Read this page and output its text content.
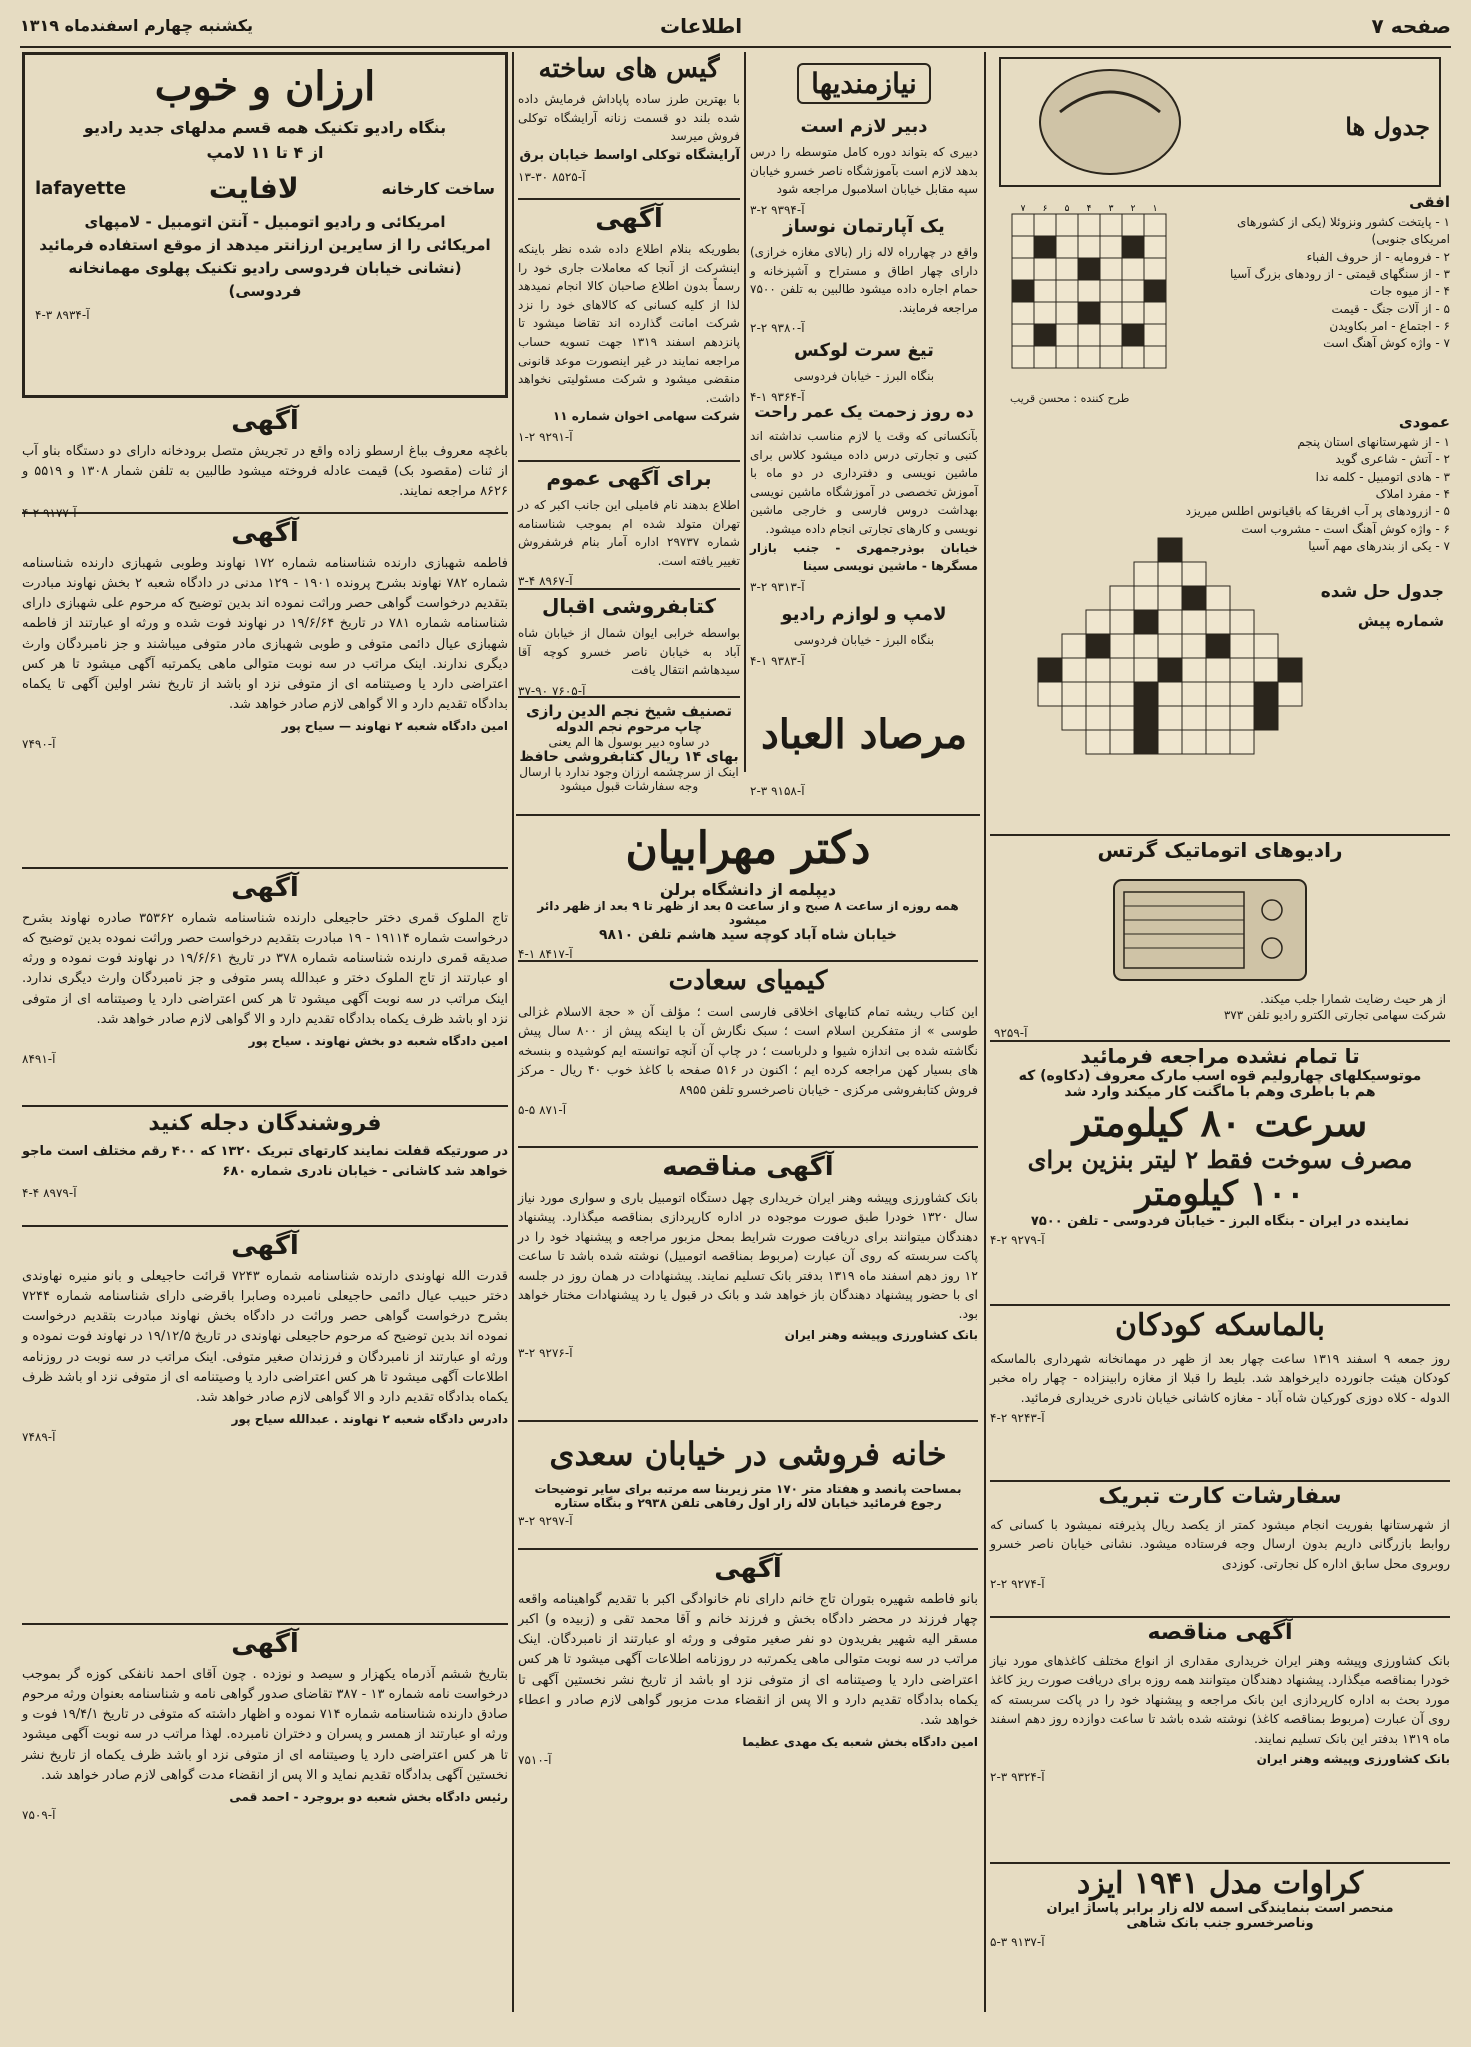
صفحه ۷
اطلاعات
یکشنبه چهارم اسفندماه ۱۳۱۹
ارزان و خوب
بنگاه رادیو تکنیک همه قسم مدلهای جدید رادیو
از ۴ تا ۱۱ لامپ
ساخت کارخانه
لافایت
lafayette
امریکائی و رادیو اتومبیل - آنتن اتومبیل - لامپهای
امریکائی را از سایرین ارزانتر میدهد از موقع استفاده فرمائید
(نشانی خیابان فردوسی رادیو تکنیک پهلوی مهمانخانه فردوسی)
آ-۸۹۳۴ ۳-۴
آگهی
باغچه معروف بباغ ارسطو زاده واقع در تجریش متصل برودخانه دارای دو دستگاه بناو آب از ثنات (مقصود بک) قیمت عادله فروخته میشود طالبین به تلفن شمار ۱۳۰۸ و ۵۵۱۹ و ۸۶۲۶ مراجعه نمایند.
آ-۹۱۷۷ ۲-۴
آگهی
فاطمه شهبازی دارنده شناسنامه شماره ۱۷۲ نهاوند وطوبی شهبازی دارنده شناسنامه شماره ۷۸۲ نهاوند بشرح پرونده ۱۹۰۱ - ۱۲۹ مدنی در دادگاه شعبه ۲ بخش نهاوند مبادرت بتقدیم درخواست گواهی حصر وراثت نموده اند بدین توضیح که مرحوم علی شهبازی دارای شناسنامه شماره ۷۸۱ در تاریخ ۱۹/۶/۶۴ در نهاوند فوت شده و ورثه او عبارتند از فاطمه شهبازی عیال دائمی متوفی و طوبی شهبازی مادر متوفی میباشند و جز نامبردگان وارث دیگری ندارند. اینک مراتب در سه نوبت متوالی ماهی یکمرتبه آگهی میشود تا هر کس اعتراضی دارد یا وصیتنامه ای از متوفی نزد او باشد از تاریخ نشر اولین آگهی تا یکماه بدادگاه تقدیم دارد و الا گواهی لازم صادر خواهد شد.
امین دادگاه شعبه ۲ نهاوند — سیاح پور
آ-۷۴۹۰
آگهی
تاج الملوک قمری دختر حاجیعلی دارنده شناسنامه شماره ۳۵۳۶۲ صادره نهاوند بشرح درخواست شماره ۱۹۱۱۴ - ۱۹ مبادرت بتقدیم درخواست حصر وراثت نموده بدین توضیح که صدیقه قمری دارنده شناسنامه شماره ۳۷۸ در تاریخ ۱۹/۶/۶۱ در نهاوند فوت نموده و ورثه او عبارتند از تاج الملوک دختر و عبدالله پسر متوفی و جز نامبردگان وارث دیگری ندارد. اینک مراتب در سه نوبت آگهی میشود تا هر کس اعتراضی دارد یا وصیتنامه ای از متوفی نزد او باشد ظرف یکماه بدادگاه تقدیم دارد و الا گواهی لازم صادر خواهد شد.
امین دادگاه شعبه دو بخش نهاوند . سیاح پور
آ-۸۴۹۱
فروشندگان دجله کنید
در صورتیکه قفلت نمایند کارتهای تبریک ۱۳۲۰ که ۴۰۰ رقم مختلف است ماجو خواهد شد کاشانی - خیابان نادری شماره ۶۸۰
آ-۸۹۷۹ ۴-۴
آگهی
قدرت الله نهاوندی دارنده شناسنامه شماره ۷۲۴۳ قرائت حاجیعلی و بانو منیره نهاوندی دختر حبیب عیال دائمی حاجیعلی نامبرده وصابرا باقرضی دارای شناسنامه شماره ۷۲۴۴ بشرح درخواست گواهی حصر وراثت در دادگاه بخش نهاوند مبادرت بتقدیم درخواست نموده اند بدین توضیح که مرحوم حاجیعلی نهاوندی در تاریخ ۱۹/۱۲/۵ در نهاوند فوت نموده و ورثه او عبارتند از نامبردگان و فرزندان صغیر متوفی. اینک مراتب در سه نوبت در روزنامه اطلاعات آگهی میشود تا هر کس اعتراضی دارد یا وصیتنامه ای از متوفی نزد او باشد ظرف یکماه بدادگاه تقدیم دارد و الا گواهی لازم صادر خواهد شد.
دادرس دادگاه شعبه ۲ نهاوند . عبدالله سیاح پور
آ-۷۴۸۹
آگهی
بتاریخ ششم آذرماه یکهزار و سیصد و نوزده . چون آقای احمد نانفکی کوزه گر بموجب درخواست نامه شماره ۱۳ - ۳۸۷ تقاضای صدور گواهی نامه و شناسنامه بعنوان ورثه مرحوم صادق دارنده شناسنامه شماره ۷۱۴ نموده و اظهار داشته که متوفی در تاریخ ۱۹/۴/۱ فوت و ورثه او عبارتند از همسر و پسران و دختران نامبرده. لهذا مراتب در سه نوبت آگهی میشود تا هر کس اعتراضی دارد یا وصیتنامه ای از متوفی نزد او باشد ظرف یکماه از تاریخ نشر نخستین آگهی بدادگاه تقدیم نماید و الا پس از انقضاء مدت گواهی لازم صادر خواهد شد.
رئیس دادگاه بخش شعبه دو بروجرد - احمد قمی
آ-۷۵۰۹
گیس های ساخته
با بهترین طرز ساده پاپاداش فرمایش داده شده بلند دو قسمت زنانه آرایشگاه توکلی فروش میرسد
آرایشگاه توکلی اواسط خیابان برق
آ-۸۵۲۵ ۳۰-۱۳
آگهی
بطوریکه بنلام اطلاع داده شده نظر باینکه اینشرکت از آنجا که معاملات جاری خود را رسماً بدون اطلاع صاحبان کالا انجام نمیدهد لذا از کلیه کسانی که کالاهای خود را نزد شرکت امانت گذارده اند تقاضا میشود تا پانزدهم اسفند ۱۳۱۹ جهت تسویه حساب مراجعه نمایند در غیر اینصورت موعد قانونی منقضی میشود و شرکت مسئولیتی نخواهد داشت.
شرکت سهامی اخوان شماره ۱۱
آ-۹۲۹۱ ۲-۱
برای آگهی عموم
اطلاع بدهند نام فامیلی این جانب اکبر که در تهران متولد شده ام بموجب شناسنامه شماره ۲۹۷۳۷ اداره آمار بنام فرشفروش تغییر یافته است.
آ-۸۹۶۷ ۴-۳
کتابفروشی اقبال
بواسطه خرابی ایوان شمال از خیابان شاه آباد به خیابان ناصر خسرو کوچه آقا سیدهاشم انتقال یافت
آ-۷۶۰۵ ۹۰-۳۷
تصنیف شیخ نجم الدین رازی
چاپ مرحوم نجم الدوله
در ساوه دبیر بوسول ها الم یعنی
بهای ۱۴ ریال کتابفروشی حافظ
اینک از سرچشمه ارزان وجود ندارد با ارسال
وجه سفارشات قبول میشود
نیازمندیها
دبیر لازم است
دبیری که بتواند دوره کامل متوسطه را درس بدهد لازم است بآموزشگاه ناصر خسرو خیابان سپه مقابل خیابان اسلامبول مراجعه شود
آ-۹۳۹۴ ۲-۳
یک آپارتمان نوساز
واقع در چهارراه لاله زار (بالای مغازه خرازی) دارای چهار اطاق و مستراح و آشپزخانه و حمام اجاره داده میشود طالبین به تلفن ۷۵۰۰ مراجعه فرمایند.
آ-۹۳۸۰ ۲-۲
تیغ سرت لوکس
بنگاه البرز - خیابان فردوسی
آ-۹۳۶۴ ۱-۴
ده روز زحمت یک عمر راحت
بآنکسانی که وقت یا لازم مناسب نداشته اند کتبی و تجارتی درس داده میشود کلاس برای ماشین نویسی و دفترداری در دو ماه با آموزش تخصصی در آموزشگاه ماشین نویسی بهداشت دروس فارسی و خارجی ماشین نویسی و کارهای تجارتی انجام داده میشود.
خیابان بوذرجمهری - جنب بازار مسگرها - ماشین نویسی سینا
آ-۹۳۱۳ ۲-۳
لامپ و لوازم رادیو
بنگاه البرز - خیابان فردوسی
آ-۹۳۸۳ ۱-۴
مرصاد العباد
آ-۹۱۵۸ ۳-۲
دکتر مهرابیان
دیپلمه از دانشگاه برلن
همه روزه از ساعت ۸ صبح و از ساعت ۵ بعد از ظهر تا ۹ بعد از ظهر دائر میشود
خیابان شاه آباد کوچه سید هاشم تلفن ۹۸۱۰
آ-۸۴۱۷ ۱-۴
کیمیای سعادت
این کتاب ریشه تمام کتابهای اخلاقی فارسی است ؛ مؤلف آن « حجة الاسلام غزالی طوسی » از متفکرین اسلام است ؛ سبک نگارش آن با اینکه پیش از ۸۰۰ سال پیش نگاشته شده بی اندازه شیوا و دلرباست ؛ در چاپ آن آنچه توانسته ایم کوشیده و بنسخه های بسیار کهن مراجعه کرده ایم ؛ اکنون در ۵۱۶ صفحه با کاغذ خوب ۴۰ ریال - مرکز فروش کتابفروشی مرکزی - خیابان ناصرخسرو تلفن ۸۹۵۵
آ-۸۷۱ ۵-۵
آگهی مناقصه
بانک کشاورزی وپیشه وهنر ایران خریداری چهل دستگاه اتومبیل باری و سواری مورد نیاز سال ۱۳۲۰ خودرا طبق صورت موجوده در اداره کارپردازی بمناقصه میگذارد. پیشنهاد دهندگان میتوانند برای دریافت صورت شرایط بمحل مزبور مراجعه و پیشنهاد خود را در پاکت سربسته که روی آن عبارت (مربوط بمناقصه اتومبیل) نوشته شده باشد تا ساعت ۱۲ روز دهم اسفند ماه ۱۳۱۹ بدفتر بانک تسلیم نمایند. پیشنهادات در همان روز در جلسه ای با حضور پیشنهاد دهندگان باز خواهد شد و بانک در قبول یا رد پیشنهادات مختار خواهد بود.
بانک کشاورزی وپیشه وهنر ایران
آ-۹۲۷۶ ۲-۳
خانه فروشی در خیابان سعدی
بمساحت پانصد و هفتاد متر ۱۷۰ متر زیربنا سه مرتبه برای سایر توضیحات
رجوع فرمائید خیابان لاله زار اول رفاهی تلفن ۲۹۳۸ و بنگاه ستاره
آ-۹۲۹۷ ۲-۳
آگهی
بانو فاطمه شهیره بتوران تاج خانم دارای نام خانوادگی اکبر با تقدیم گواهینامه واقعه چهار فرزند در محضر دادگاه بخش و فرزند خانم و آقا محمد تقی و (زبیده و) اکبر مسقر الیه شهیر بفریدون دو نفر صغیر متوفی و ورثه او عبارتند از نامبردگان. اینک مراتب در سه نوبت متوالی ماهی یکمرتبه در روزنامه اطلاعات آگهی میشود تا هر کس اعتراضی دارد یا وصیتنامه ای از متوفی نزد او باشد از تاریخ نشر نخستین آگهی تا یکماه بدادگاه تقدیم دارد و الا پس از انقضاء مدت مزبور گواهی لازم صادر و اعطاء خواهد شد.
امین دادگاه بخش شعبه یک مهدی عظیما
آ-۷۵۱۰
جدول ها
افقی
۱ - پایتخت کشور ونزوئلا (یکی از کشورهای امریکای جنوبی)
۲ - فرومایه - از حروف الفباء
۳ - از سنگهای قیمتی - از رودهای بزرگ آسیا
۴ - از میوه جات
۵ - از آلات جنگ - قیمت
۶ - اجتماع - امر بکاویدن
۷ - واژه کوش آهنگ است
۱
۲
۳
۴
۵
۶
۷
طرح کننده : محسن قریب
عمودی
۱ - از شهرستانهای استان پنجم
۲ - آتش - شاعری گوید
۳ - هادی اتومبیل - کلمه ندا
۴ - مفرد املاک
۵ - ازرودهای پر آب افریقا که باقیانوس اطلس میریزد
۶ - واژه کوش آهنگ است - مشروب است
۷ - یکی از بندرهای مهم آسیا
جدول حل شده
شماره پیش
رادیوهای اتوماتیک گرتس
از هر حیث رضایت شمارا جلب میکند.
شرکت سهامی تجارتی الکترو رادیو تلفن ۳۷۳
آ-۹۲۵۹
تا تمام نشده مراجعه فرمائید
موتوسیکلهای چهارولیم قوه اسب مارک معروف (دکاوه) که
هم با باطری وهم با ماگنت کار میکند وارد شد
سرعت ۸۰ کیلومتر
مصرف سوخت فقط ۲ لیتر بنزین برای
۱۰۰ کیلومتر
نماینده در ایران - بنگاه البرز - خیابان فردوسی - تلفن ۷۵۰۰
آ-۹۲۷۹ ۲-۴
بالماسکه کودکان
روز جمعه ۹ اسفند ۱۳۱۹ ساعت چهار بعد از ظهر در مهمانخانه شهرداری بالماسکه کودکان هیئت جانورده دایرخواهد شد. بلیط را قبلا از مغازه رابینزاده - چهار راه مخبر الدوله - کلاه دوزی کورکیان شاه آباد - مغازه کاشانی خیابان نادری خریداری فرمائید.
آ-۹۲۴۳ ۲-۴
سفارشات کارت تبریک
از شهرستانها بفوریت انجام میشود کمتر از یکصد ریال پذیرفته نمیشود با کسانی که روابط بازرگانی داریم بدون ارسال وجه فرستاده میشود. نشانی خیابان ناصر خسرو روبروی محل سابق اداره کل نجارتی. کوزدی
آ-۹۲۷۴ ۲-۲
آگهی مناقصه
بانک کشاورزی وپیشه وهنر ایران خریداری مقداری از انواع مختلف کاغذهای مورد نیاز خودرا بمناقصه میگذارد. پیشنهاد دهندگان میتوانند همه روزه برای دریافت صورت ریز کاغذ مورد بحث به اداره کارپردازی این بانک مراجعه و پیشنهاد خود را در پاکت سربسته که روی آن عبارت (مربوط بمناقصه کاغذ) نوشته شده باشد تا ساعت دوازده روز دهم اسفند ماه ۱۳۱۹ بدفتر این بانک تسلیم نمایند.
بانک کشاورزی وپیشه وهنر ایران
آ-۹۳۲۴ ۳-۲
کراوات مدل ۱۹۴۱ ایزد
منحصر است بنمایندگی اسمه لاله زار برابر پاساژ ایران
وناصرخسرو جنب بانک شاهی
آ-۹۱۳۷ ۳-۵
